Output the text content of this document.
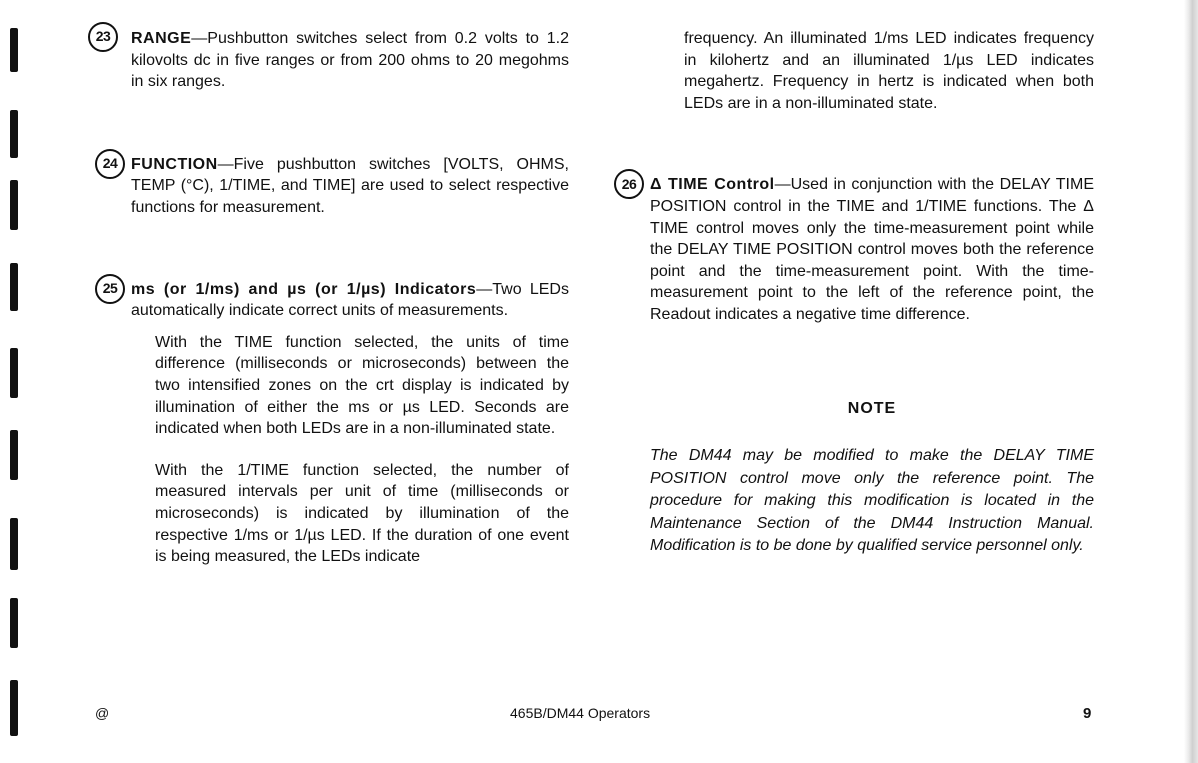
23	RANGE—Pushbutton switches select from 0.2 volts to 1.2 kilovolts dc in five ranges or from 200 ohms to 20 megohms in six ranges.

24 FUNCTION—Five pushbutton switches [VOLTS, OHMS, TEMP (°C), 1/TIME, and TIME] are used to select respective functions for measurement.

25 ms (or 1/ms) and µs (or 1/µs) Indicators—Two LEDs automatically indicate correct units of measurements.

With the TIME function selected, the units of time difference (milliseconds or microseconds) between the two intensified zones on the crt display is indicated by illumination of either the ms or µs LED. Seconds are indicated when both LEDs are in a non-illuminated state.

With the 1/TIME function selected, the number of measured intervals per unit of time (milliseconds or microseconds) is indicated by illumination of the respective 1/ms or 1/µs LED. If the duration of one event is being measured, the LEDs indicate

frequency. An illuminated 1/ms LED indicates frequency in kilohertz and an illuminated 1/µs LED indicates megahertz. Frequency in hertz is indicated when both LEDs are in a non-illuminated state.

26 Δ TIME Control—Used in conjunction with the DELAY TIME POSITION control in the TIME and 1/TIME functions. The Δ TIME control moves only the time-measurement point while the DELAY TIME POSITION control moves both the reference point and the time-measurement point. With the time-measurement point to the left of the reference point, the Readout indicates a negative time difference.

NOTE

The DM44 may be modified to make the DELAY TIME POSITION control move only the reference point. The procedure for making this modification is located in the Maintenance Section of the DM44 Instruction Manual. Modification is to be done by qualified service personnel only.

@	465B/DM44 Operators	9
